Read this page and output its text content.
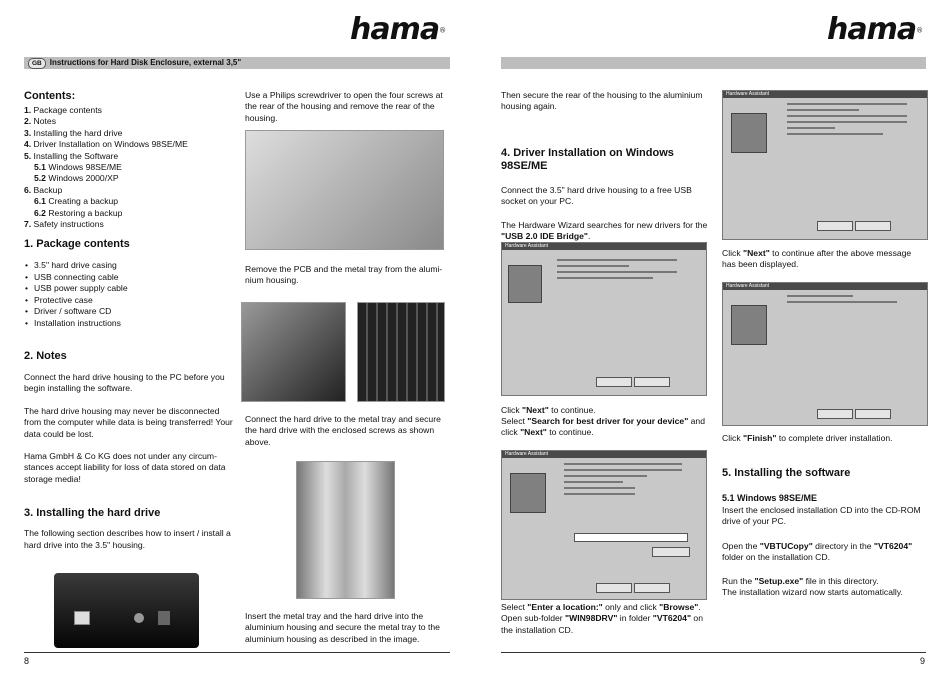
hama®	hama®
GB Instructions for Hard Disk Enclosure, external 3,5"
Contents:
1. Package contents
2. Notes
3. Installing the hard drive
4. Driver Installation on Windows 98SE/ME
5. Installing the Software
5.1 Windows 98SE/ME
5.2 Windows 2000/XP
6. Backup
6.1 Creating a backup
6.2 Restoring a backup
7. Safety instructions
1. Package contents
• 3.5" hard drive casing
• USB connecting cable
• USB power supply cable
• Protective case
• Driver / software CD
• Installation instructions
2. Notes
Connect the hard drive housing to the PC before you begin installing the software.
The hard drive housing may never be disconnected from the computer while data is being transferred! Your data could be lost.
Hama GmbH & Co KG does not under any circum-stances accept liability for loss of data stored on data storage media!
3. Installing the hard drive
The following section describes how to insert / install a hard drive into the 3.5" housing.
Use a Philips screwdriver to open the four screws at the rear of the housing and remove the rear of the housing.
Remove the PCB and the metal tray from the alumi-nium housing.
Connect the hard drive to the metal tray and secure the hard drive with the enclosed screws as shown above.
Insert the metal tray and the hard drive into the aluminium housing and secure the metal tray to the aluminium housing as described in the image.
8
Then secure the rear of the housing to the aluminium housing again.
4. Driver Installation on Windows 98SE/ME
Connect the 3.5" hard drive housing to a free USB socket on your PC.
The Hardware Wizard searches for new drivers for the "USB 2.0 IDE Bridge".
Hardware Assistant
Click "Next" to continue.
Select "Search for best driver for your device" and click "Next" to continue.
Hardware Assistant
Select "Enter a location:" only and click "Browse". Open sub-folder "WIN98DRV" in folder "VT6204" on the installation CD.
Hardware Assistant
Click "Next" to continue after the above message has been displayed.
Hardware Assistant
Click "Finish" to complete driver installation.
5. Installing the software
5.1 Windows 98SE/ME
Insert the enclosed installation CD into the CD-ROM drive of your PC.
Open the "VBTUCopy" directory in the "VT6204" folder on the installation CD.
Run the "Setup.exe" file in this directory.
The installation wizard now starts automatically.
9
